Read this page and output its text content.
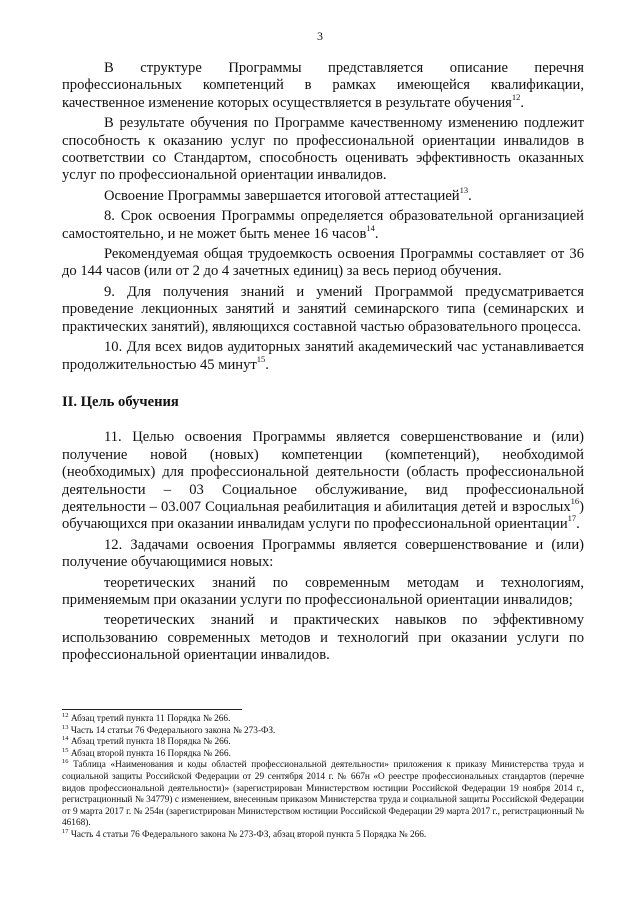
3

В структуре Программы представляется описание перечня профессиональных компетенций в рамках имеющейся квалификации, качественное изменение которых осуществляется в результате обучения$^{12}$.

В результате обучения по Программе качественному изменению подлежит способность к оказанию услуг по профессиональной ориентации инвалидов в соответствии со Стандартом, способность оценивать эффективность оказанных услуг по профессиональной ориентации инвалидов.

Освоение Программы завершается итоговой аттестацией$^{13}$.

8. Срок освоения Программы определяется образовательной организацией самостоятельно, и не может быть менее 16 часов$^{14}$.

Рекомендуемая общая трудоемкость освоения Программы составляет от 36 до 144 часов (или от 2 до 4 зачетных единиц) за весь период обучения.

9. Для получения знаний и умений Программой предусматривается проведение лекционных занятий и занятий семинарского типа (семинарских и практических занятий), являющихся составной частью образовательного процесса.

10. Для всех видов аудиторных занятий академический час устанавливается продолжительностью 45 минут$^{15}$.

II. Цель обучения

11. Целью освоения Программы является совершенствование и (или) получение новой (новых) компетенции (компетенций), необходимой (необходимых) для профессиональной деятельности (область профессиональной деятельности – 03 Социальное обслуживание, вид профессиональной деятельности – 03.007 Социальная реабилитация и абилитация детей и взрослых$^{16}$) обучающихся при оказании инвалидам услуги по профессиональной ориентации$^{17}$.

12. Задачами освоения Программы является совершенствование и (или) получение обучающимися новых:

теоретических знаний по современным методам и технологиям, применяемым при оказании услуги по профессиональной ориентации инвалидов;

теоретических знаний и практических навыков по эффективному использованию современных методов и технологий при оказании услуги по профессиональной ориентации инвалидов.

$^{12}$ Абзац третий пункта 11 Порядка № 266.
$^{13}$ Часть 14 статьи 76 Федерального закона № 273-ФЗ.
$^{14}$ Абзац третий пункта 18 Порядка № 266.
$^{15}$ Абзац второй пункта 16 Порядка № 266.
$^{16}$ Таблица «Наименования и коды областей профессиональной деятельности» приложения к приказу Министерства труда и социальной защиты Российской Федерации от 29 сентября 2014 г. № 667н «О реестре профессиональных стандартов (перечне видов профессиональной деятельности)» (зарегистрирован Министерством юстиции Российской Федерации 19 ноября 2014 г., регистрационный № 34779) с изменением, внесенным приказом Министерства труда и социальной защиты Российской Федерации от 9 марта 2017 г. № 254н (зарегистрирован Министерством юстиции Российской Федерации 29 марта 2017 г., регистрационный № 46168).
$^{17}$ Часть 4 статьи 76 Федерального закона № 273-ФЗ, абзац второй пункта 5 Порядка № 266.
